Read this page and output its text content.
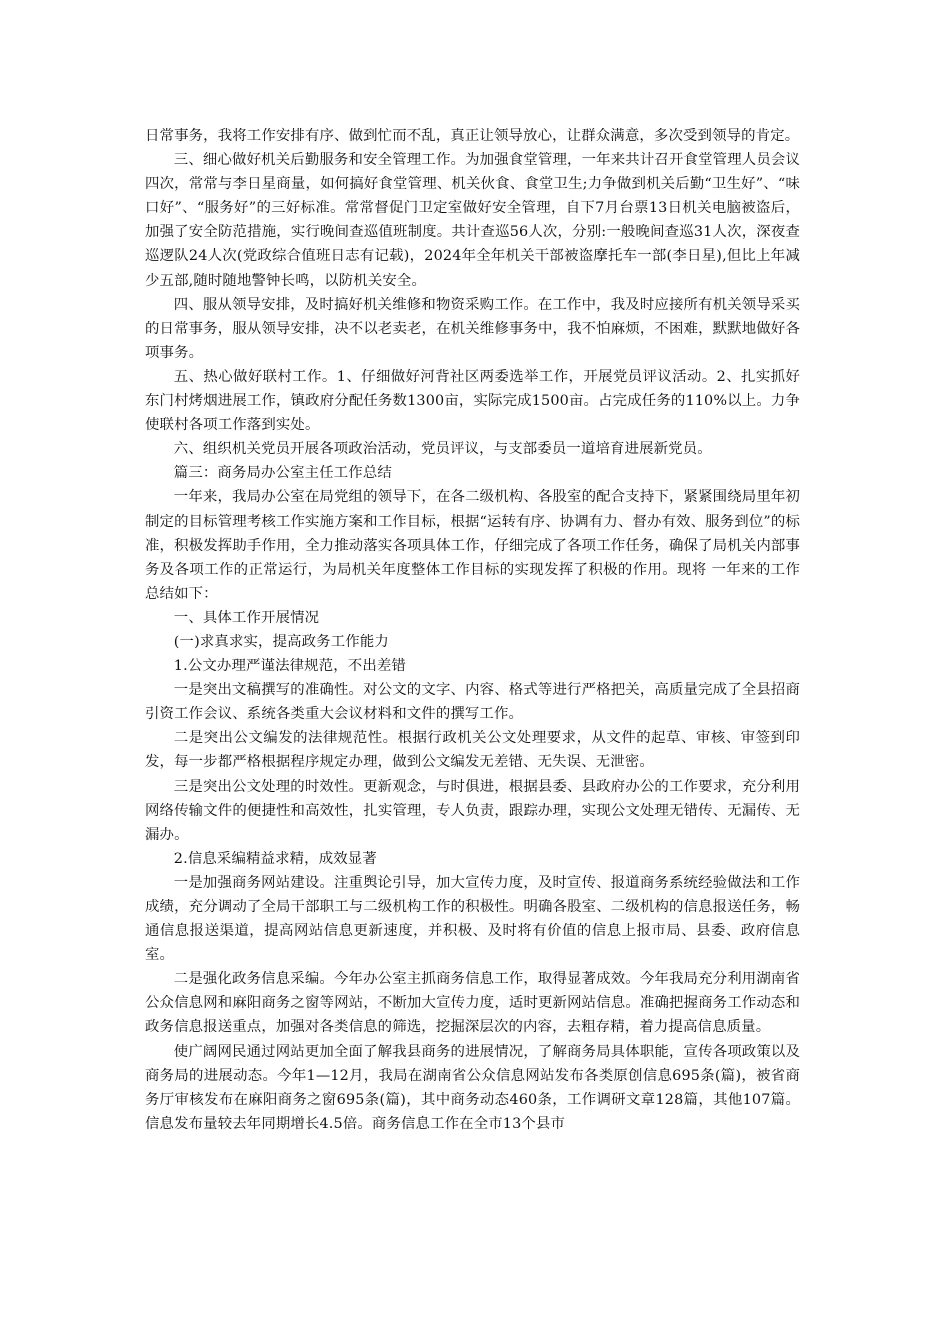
日常事务，我将工作安排有序、做到忙而不乱，真正让领导放心，让群众满意，多次受到领导的肯定。

三、细心做好机关后勤服务和安全管理工作。为加强食堂管理，一年来共计召开食堂管理人员会议四次，常常与李日星商量，如何搞好食堂管理、机关伙食、食堂卫生;力争做到机关后勤“卫生好”、“味口好”、“服务好”的三好标准。常常督促门卫定室做好安全管理，自下7月台票13日机关电脑被盗后，加强了安全防范措施，实行晚间查巡值班制度。共计查巡56人次，分别:一般晚间查巡31人次，深夜查巡逻队24人次(党政综合值班日志有记载)，2024年全年机关干部被盗摩托车一部(李日星),但比上年减少五部,随时随地警钟长鸣，以防机关安全。

四、服从领导安排，及时搞好机关维修和物资采购工作。在工作中，我及时应接所有机关领导采买的日常事务，服从领导安排，决不以老卖老，在机关维修事务中，我不怕麻烦，不困难，默默地做好各项事务。

五、热心做好联村工作。1、仔细做好河背社区两委选举工作，开展党员评议活动。2、扎实抓好东门村烤烟进展工作，镇政府分配任务数1300亩，实际完成1500亩。占完成任务的110%以上。力争使联村各项工作落到实处。

六、组织机关党员开展各项政治活动，党员评议，与支部委员一道培育进展新党员。

篇三：商务局办公室主任工作总结

一年来，我局办公室在局党组的领导下，在各二级机构、各股室的配合支持下，紧紧围绕局里年初制定的目标管理考核工作实施方案和工作目标，根据“运转有序、协调有力、督办有效、服务到位”的标准，积极发挥助手作用，全力推动落实各项具体工作，仔细完成了各项工作任务，确保了局机关内部事务及各项工作的正常运行，为局机关年度整体工作目标的实现发挥了积极的作用。现将 一年来的工作总结如下：

一、具体工作开展情况

(一)求真求实，提高政务工作能力

1.公文办理严谨法律规范，不出差错

一是突出文稿撰写的准确性。对公文的文字、内容、格式等进行严格把关，高质量完成了全县招商引资工作会议、系统各类重大会议材料和文件的撰写工作。

二是突出公文编发的法律规范性。根据行政机关公文处理要求，从文件的起草、审核、审签到印发，每一步都严格根据程序规定办理，做到公文编发无差错、无失误、无泄密。

三是突出公文处理的时效性。更新观念，与时俱进，根据县委、县政府办公的工作要求，充分利用网络传输文件的便捷性和高效性，扎实管理，专人负责，跟踪办理，实现公文处理无错传、无漏传、无漏办。

2.信息采编精益求精，成效显著

一是加强商务网站建设。注重舆论引导，加大宣传力度，及时宣传、报道商务系统经验做法和工作成绩，充分调动了全局干部职工与二级机构工作的积极性。明确各股室、二级机构的信息报送任务，畅通信息报送渠道，提高网站信息更新速度，并积极、及时将有价值的信息上报市局、县委、政府信息室。

二是强化政务信息采编。今年办公室主抓商务信息工作，取得显著成效。今年我局充分利用湖南省公众信息网和麻阳商务之窗等网站，不断加大宣传力度，适时更新网站信息。准确把握商务工作动态和政务信息报送重点，加强对各类信息的筛选，挖掘深层次的内容，去粗存精，着力提高信息质量。

使广阔网民通过网站更加全面了解我县商务的进展情况，了解商务局具体职能，宣传各项政策以及商务局的进展动态。今年1—12月，我局在湖南省公众信息网站发布各类原创信息695条(篇)，被省商务厅审核发布在麻阳商务之窗695条(篇)，其中商务动态460条，工作调研文章128篇，其他107篇。信息发布量较去年同期增长4.5倍。商务信息工作在全市13个县市
